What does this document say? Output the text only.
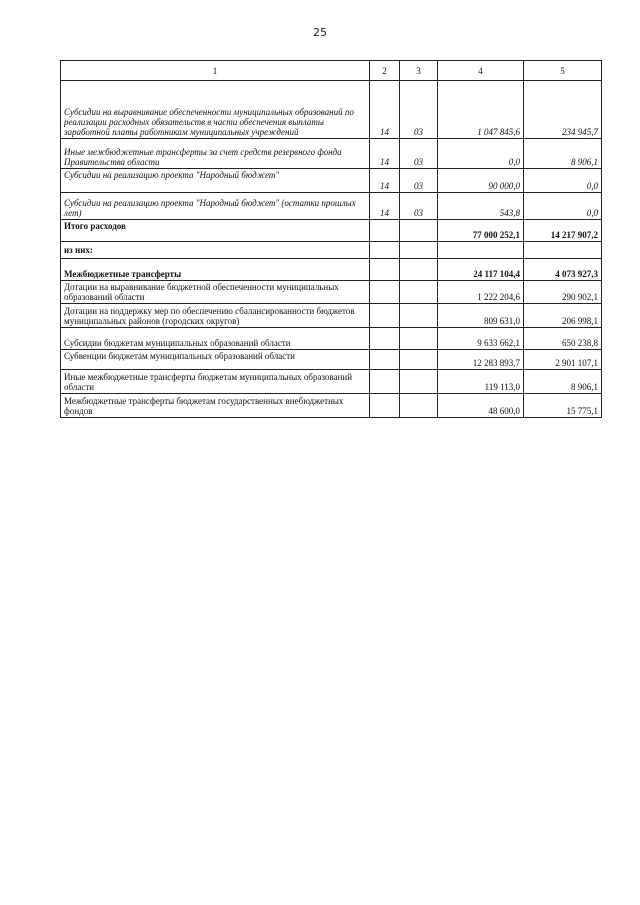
25
1	2	3	4	5
Субсидии на выравнивание обеспеченности муниципальных образований по реализации расходных обязательств в части обеспечения выплаты заработной платы работникам муниципальных учреждений	14	03	1 047 845,6	234 945,7
Иные межбюджетные трансферты за счет средств резервного фонда Правительства области	14	03	0,0	8 906,1
Субсидии на реализацию проекта "Народный бюджет"	14	03	90 000,0	0,0
Субсидии на реализацию проекта "Народный бюджет" (остатки прошлых лет)	14	03	543,8	0,0
Итого расходов			77 000 252,1	14 217 907,2
из них:				
Межбюджетные трансферты			24 117 104,4	4 073 927,3
Дотации на выравнивание бюджетной обеспеченности муниципальных образований области			1 222 204,6	290 902,1
Дотации на поддержку мер по обеспечению сбалансированности бюджетов муниципальных районов (городских округов)			809 631,0	206 998,1
Субсидии бюджетам муниципальных образований области			9 633 662,1	650 238,8
Субвенции бюджетам муниципальных образований области			12 283 893,7	2 901 107,1
Иные межбюджетные трансферты бюджетам муниципальных образований области			119 113,0	8 906,1
Межбюджетные трансферты бюджетам государственных внебюджетных фондов			48 600,0	15 775,1
